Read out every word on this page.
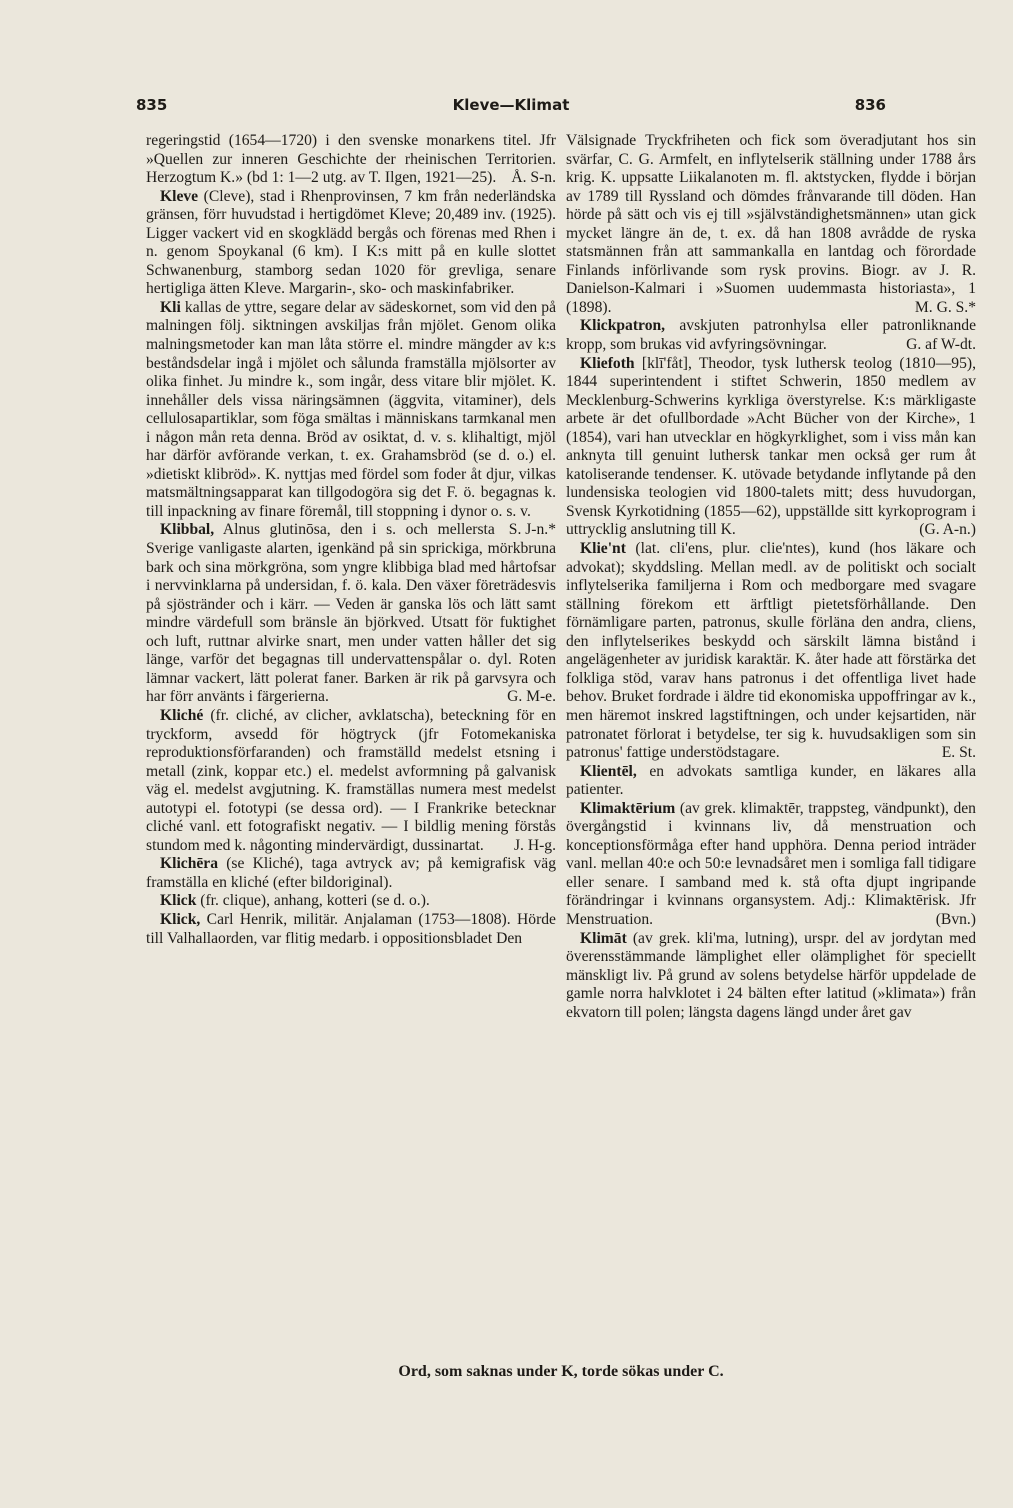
835	Kleve—Klimat	836

regeringstid (1654—1720) i den svenske monarkens titel. Jfr »Quellen zur inneren Geschichte der rheinischen Territorien. Herzogtum K.» (bd 1: 1—2 utg. av T. Ilgen, 1921—25). Å. S-n.

Kleve (Cleve), stad i Rhenprovinsen, 7 km från nederländska gränsen, förr huvudstad i hertigdömet Kleve; 20,489 inv. (1925). Ligger vackert vid en skogklädd bergås och förenas med Rhen i n. genom Spoykanal (6 km). I K:s mitt på en kulle slottet Schwanenburg, stamborg sedan 1020 för grevliga, senare hertigliga ätten Kleve. Margarin-, sko- och maskinfabriker.

Kli kallas de yttre, segare delar av sädeskornet, som vid den på malningen följ. siktningen avskiljas från mjölet. Genom olika malningsmetoder kan man låta större el. mindre mängder av k:s beståndsdelar ingå i mjölet och sålunda framställa mjölsorter av olika finhet. Ju mindre k., som ingår, dess vitare blir mjölet. K. innehåller dels vissa näringsämnen (äggvita, vitaminer), dels cellulosapartiklar, som föga smältas i människans tarmkanal men i någon mån reta denna. Bröd av osiktat, d. v. s. klihaltigt, mjöl har därför avförande verkan, t. ex. Grahamsbröd (se d. o.) el. »dietiskt klibröd». K. nyttjas med fördel som foder åt djur, vilkas matsmältningsapparat kan tillgodogöra sig det F. ö. begagnas k. till inpackning av finare föremål, till stoppning i dynor o. s. v.
S. J-n.*

Klibbal, Alnus glutinōsa, den i s. och mellersta Sverige vanligaste alarten, igenkänd på sin sprickiga, mörkbruna bark och sina mörkgröna, som yngre klibbiga blad med hårtofsar i nervvinklarna på undersidan, f. ö. kala. Den växer företrädesvis på sjöstränder och i kärr. — Veden är ganska lös och lätt samt mindre värdefull som bränsle än björkved. Utsatt för fuktighet och luft, ruttnar alvirke snart, men under vatten håller det sig länge, varför det begagnas till undervattenspålar o. dyl. Roten lämnar vackert, lätt polerat faner. Barken är rik på garvsyra och har förr använts i färgerierna.	G. M-e.

Kliché (fr. cliché, av clicher, avklatscha), beteckning för en tryckform, avsedd för högtryck (jfr Fotomekaniska reproduktionsförfaranden) och framställd medelst etsning i metall (zink, koppar etc.) el. medelst avformning på galvanisk väg el. medelst avgjutning. K. framställas numera mest medelst autotypi el. fototypi (se dessa ord). — I Frankrike betecknar cliché vanl. ett fotografiskt negativ. — I bildlig mening förstås stundom med k. någonting mindervärdigt, dussinartat.	J. H-g.

Klichēra (se Kliché), taga avtryck av; på kemigrafisk väg framställa en kliché (efter bildoriginal).

Klick (fr. clique), anhang, kotteri (se d. o.).

Klick, Carl Henrik, militär. Anjalaman (1753—1808). Hörde till Valhallaorden, var flitig medarb. i oppositionsbladet Den

Välsignade Tryckfriheten och fick som överadjutant hos sin svärfar, C. G. Armfelt, en inflytelserik ställning under 1788 års krig. K. uppsatte Liikalanoten m. fl. aktstycken, flydde i början av 1789 till Ryssland och dömdes frånvarande till döden. Han hörde på sätt och vis ej till »självständighetsmännen» utan gick mycket längre än de, t. ex. då han 1808 avrådde de ryska statsmännen från att sammankalla en lantdag och förordade Finlands införlivande som rysk provins. Biogr. av J. R. Danielson-Kalmari i »Suomen uudemmasta historiasta», 1 (1898).	M. G. S.*

Klickpatron, avskjuten patronhylsa eller patronliknande kropp, som brukas vid avfyringsövningar.	G. af W-dt.

Kliefoth [klī'fåt], Theodor, tysk luthersk teolog (1810—95), 1844 superintendent i stiftet Schwerin, 1850 medlem av Mecklenburg-Schwerins kyrkliga överstyrelse. K:s märkligaste arbete är det ofullbordade »Acht Bücher von der Kirche», 1 (1854), vari han utvecklar en högkyrklighet, som i viss mån kan anknyta till genuint luthersk tankar men också ger rum åt katoliserande tendenser. K. utövade betydande inflytande på den lundensiska teologien vid 1800-talets mitt; dess huvudorgan, Svensk Kyrkotidning (1855—62), uppställde sitt kyrkoprogram i uttrycklig anslutning till K.	(G. A-n.)

Klie'nt (lat. cli'ens, plur. clie'ntes), kund (hos läkare och advokat); skyddsling. Mellan medl. av de politiskt och socialt inflytelserika familjerna i Rom och medborgare med svagare ställning förekom ett ärftligt pietetsförhållande. Den förnämligare parten, patronus, skulle förläna den andra, cliens, den inflytelserikes beskydd och särskilt lämna bistånd i angelägenheter av juridisk karaktär. K. åter hade att förstärka det folkliga stöd, varav hans patronus i det offentliga livet hade behov. Bruket fordrade i äldre tid ekonomiska uppoffringar av k., men häremot inskred lagstiftningen, och under kejsartiden, när patronatet förlorat i betydelse, ter sig k. huvudsakligen som sin patronus' fattige understödstagare.	E. St.

Klientēl, en advokats samtliga kunder, en läkares alla patienter.

Klimaktērium (av grek. klimaktēr, trappsteg, vändpunkt), den övergångstid i kvinnans liv, då menstruation och konceptionsförmåga efter hand upphöra. Denna period inträder vanl. mellan 40:e och 50:e levnadsåret men i somliga fall tidigare eller senare. I samband med k. stå ofta djupt ingripande förändringar i kvinnans organsystem. Adj.: Klimaktērisk. Jfr Menstruation.	(Bvn.)

Klimāt (av grek. kli'ma, lutning), urspr. del av jordytan med överensstämmande lämplighet eller olämplighet för speciellt mänskligt liv. På grund av solens betydelse härför uppdelade de gamle norra halvklotet i 24 bälten efter latitud (»klimata») från ekvatorn till polen; längsta dagens längd under året gav

Ord, som saknas under K, torde sökas under C.
